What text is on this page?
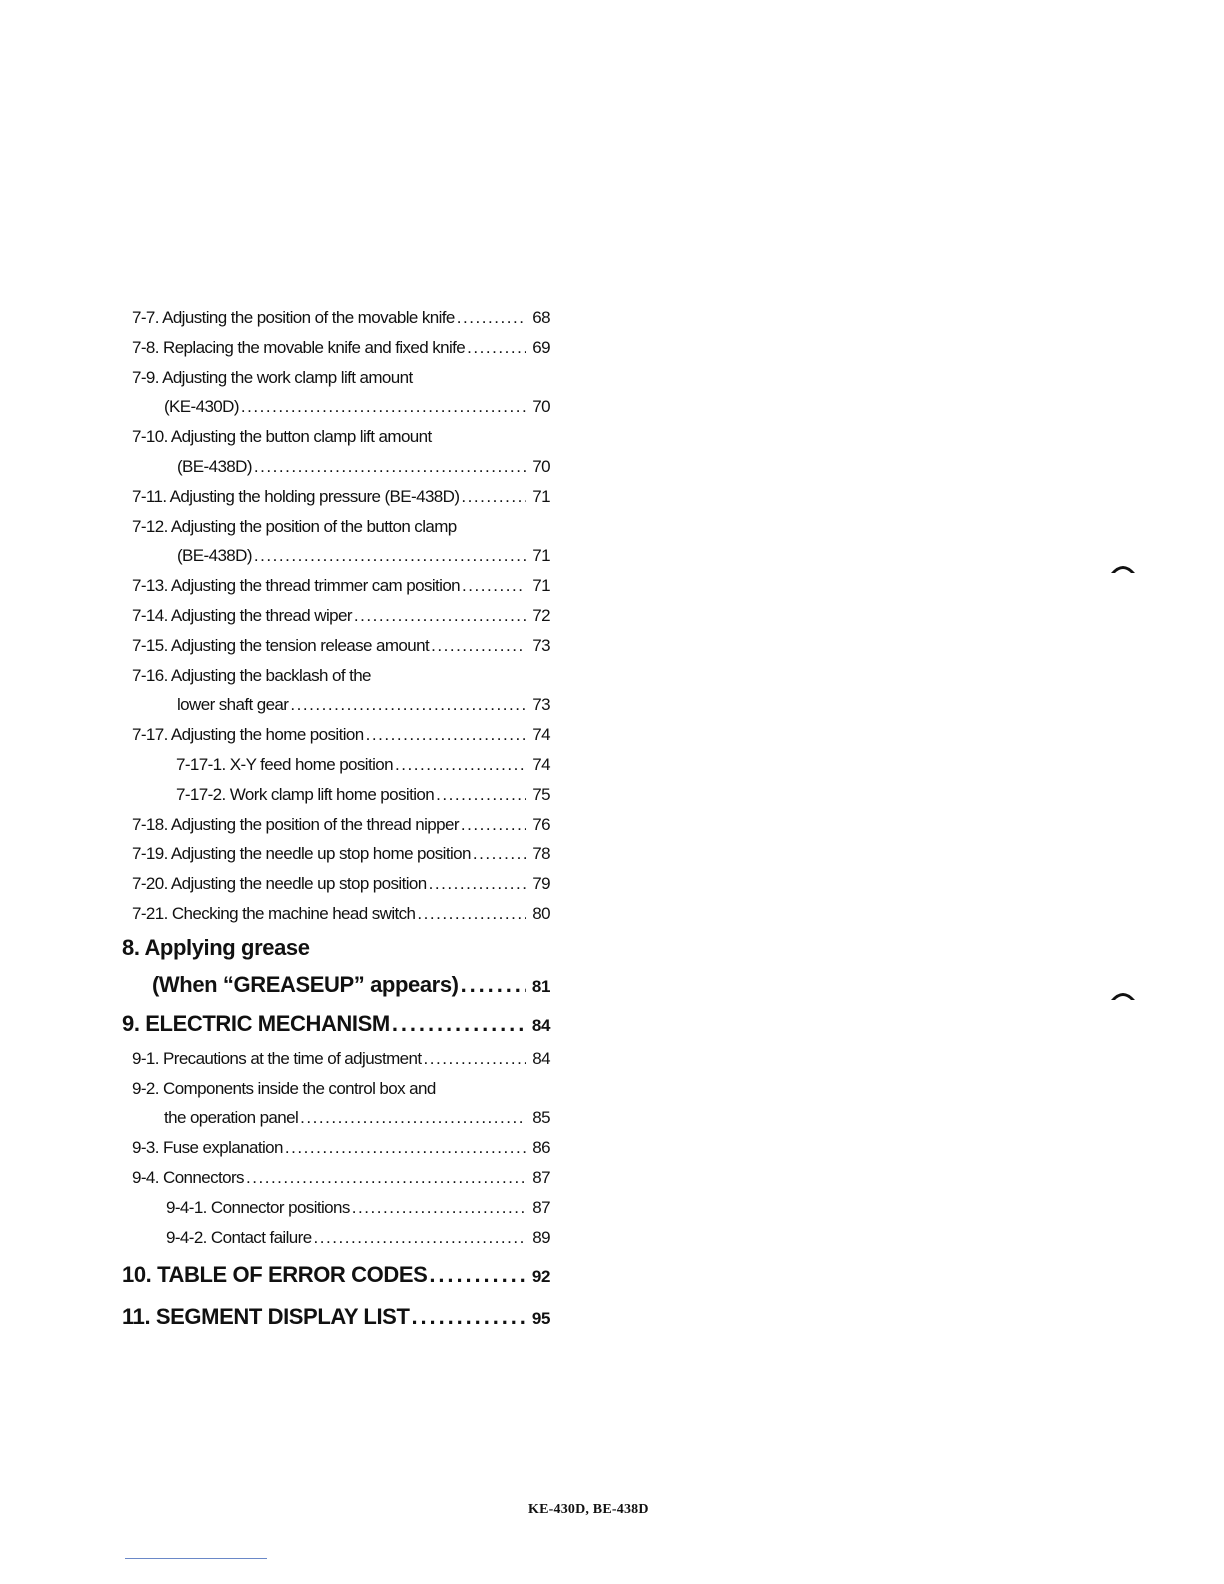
7-7. Adjusting the position of the movable knife . . .	68
7-8. Replacing the movable knife and fixed knife . . .	69
7-9. Adjusting the work clamp lift amount
(KE-430D) . . .	70
7-10. Adjusting the button clamp lift amount
(BE-438D) . . .	70
7-11. Adjusting the holding pressure (BE-438D) . . .	71
7-12. Adjusting the position of the button clamp
(BE-438D) . . .	71
7-13. Adjusting the thread trimmer cam position . . .	71
7-14. Adjusting the thread wiper . . .	72
7-15. Adjusting the tension release amount . . .	73
7-16. Adjusting the backlash of the
lower shaft gear . . .	73
7-17. Adjusting the home position . . .	74
7-17-1. X-Y feed home position . . .	74
7-17-2. Work clamp lift home position . . .	75
7-18. Adjusting the position of the thread nipper . . .	76
7-19. Adjusting the needle up stop home position . . .	78
7-20. Adjusting the needle up stop position . . .	79
7-21. Checking the machine head switch . . .	80
8. Applying grease
(When “GREASEUP” appears) . . .	81
9. ELECTRIC MECHANISM . . .	84
9-1. Precautions at the time of adjustment . . .	84
9-2. Components inside the control box and
the operation panel . . .	85
9-3. Fuse explanation . . .	86
9-4. Connectors . . .	87
9-4-1. Connector positions . . .	87
9-4-2. Contact failure . . .	89
10. TABLE OF ERROR CODES . . .	92
11. SEGMENT DISPLAY LIST . . .	95
KE-430D, BE-438D
